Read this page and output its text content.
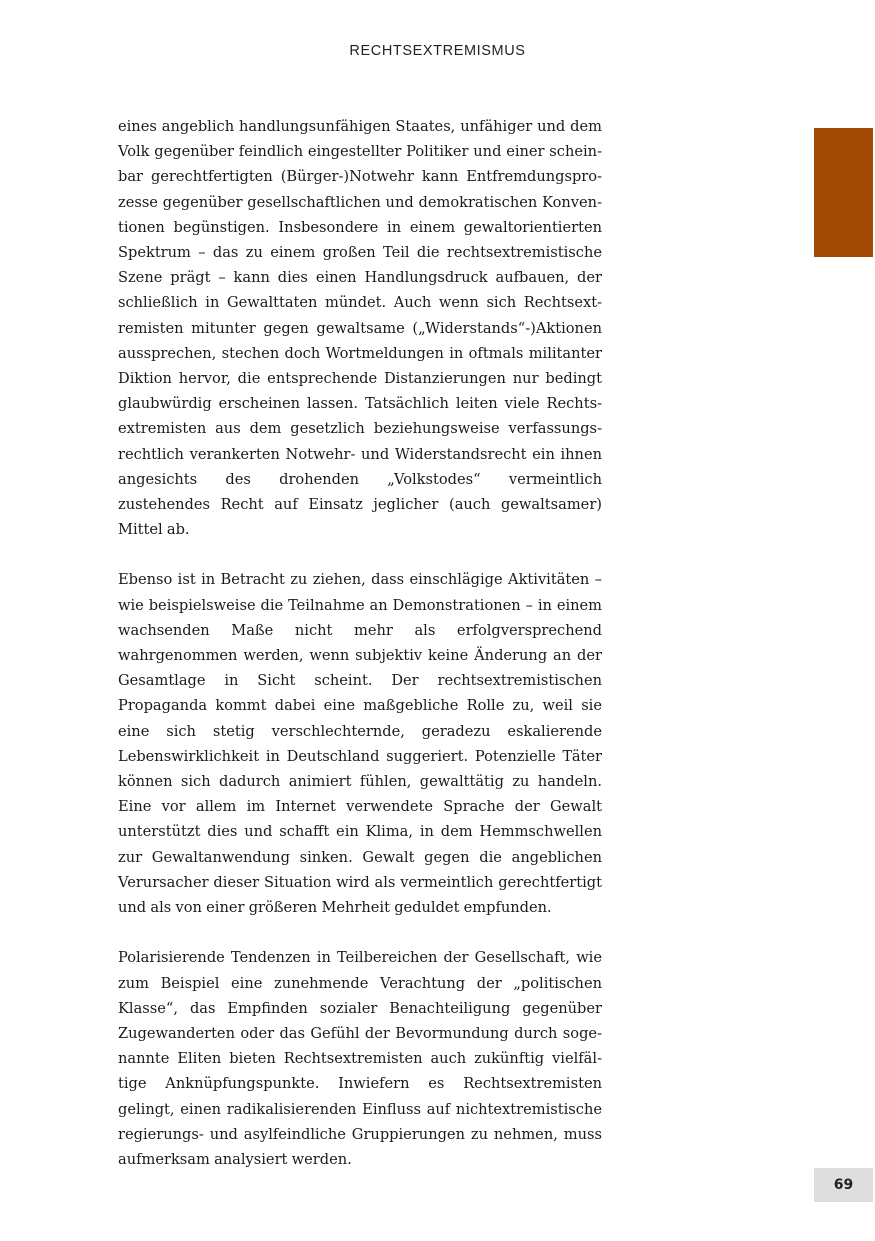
RECHTSEXTREMISMUS

eines angeblich handlungsunfähigen Staates, unfähiger und dem Volk gegenüber feindlich eingestellter Politiker und einer scheinbar gerechtfertigten (Bürger-)Notwehr kann Entfremdungsprozesse gegenüber gesellschaftlichen und demokratischen Konventionen begünstigen. Insbesondere in einem gewaltorientierten Spektrum – das zu einem großen Teil die rechtsextremistische Szene prägt – kann dies einen Handlungsdruck aufbauen, der schließlich in Gewalttaten mündet. Auch wenn sich Rechtsextremisten mitunter gegen gewaltsame („Widerstands“-)Aktionen aussprechen, stechen doch Wortmeldungen in oftmals militanter Diktion hervor, die entsprechende Distanzierungen nur bedingt glaubwürdig erscheinen lassen. Tatsächlich leiten viele Rechtsextremisten aus dem gesetzlich beziehungsweise verfassungsrechtlich verankerten Notwehr- und Widerstandsrecht ein ihnen angesichts des drohenden „Volkstodes“ vermeintlich zustehendes Recht auf Einsatz jeglicher (auch gewaltsamer) Mittel ab.

Ebenso ist in Betracht zu ziehen, dass einschlägige Aktivitäten – wie beispielsweise die Teilnahme an Demonstrationen – in einem wachsenden Maße nicht mehr als erfolgversprechend wahrgenommen werden, wenn subjektiv keine Änderung an der Gesamtlage in Sicht scheint. Der rechtsextremistischen Propaganda kommt dabei eine maßgebliche Rolle zu, weil sie eine sich stetig verschlechternde, geradezu eskalierende Lebenswirklichkeit in Deutschland suggeriert. Potenzielle Täter können sich dadurch animiert fühlen, gewalttätig zu handeln. Eine vor allem im Internet verwendete Sprache der Gewalt unterstützt dies und schafft ein Klima, in dem Hemmschwellen zur Gewaltanwendung sinken. Gewalt gegen die angeblichen Verursacher dieser Situation wird als vermeintlich gerechtfertigt und als von einer größeren Mehrheit geduldet empfunden.

Polarisierende Tendenzen in Teilbereichen der Gesellschaft, wie zum Beispiel eine zunehmende Verachtung der „politischen Klasse“, das Empfinden sozialer Benachteiligung gegenüber Zugewanderten oder das Gefühl der Bevormundung durch sogenannte Eliten bieten Rechtsextremisten auch zukünftig vielfältige Anknüpfungspunkte. Inwiefern es Rechtsextremisten gelingt, einen radikalisierenden Einfluss auf nichtextremistische regierungs- und asylfeindliche Gruppierungen zu nehmen, muss aufmerksam analysiert werden.

69
